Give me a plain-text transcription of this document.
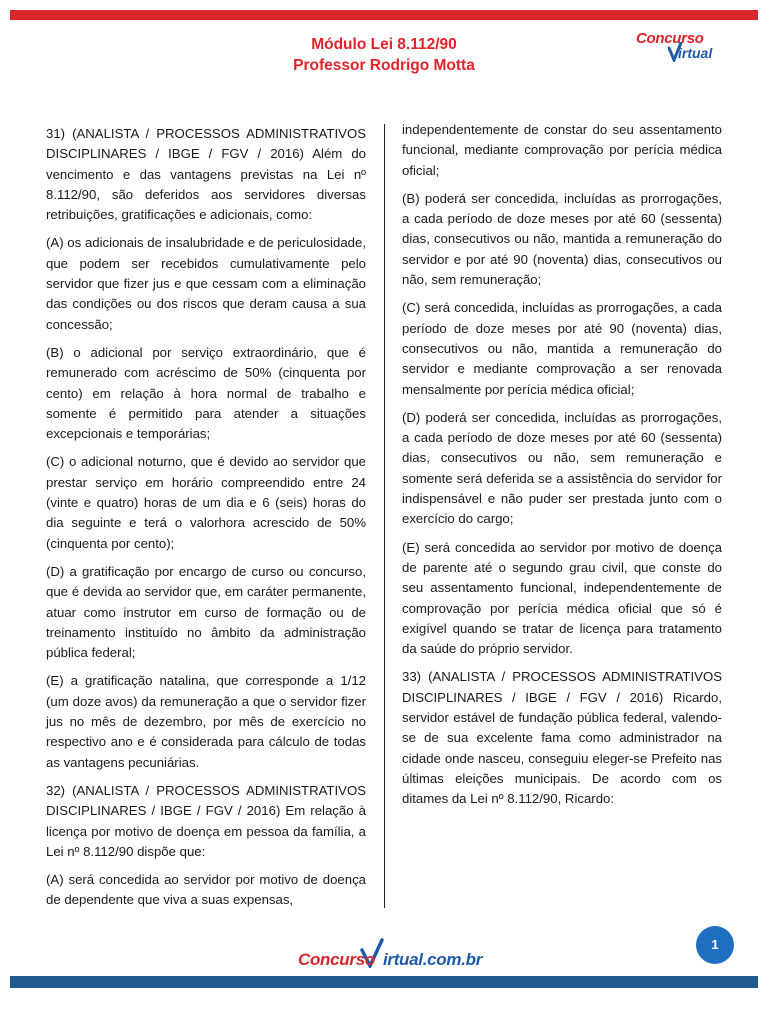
Módulo Lei 8.112/90
Professor Rodrigo Motta
Concurso
irtual

31) (ANALISTA / PROCESSOS ADMINISTRATIVOS DISCIPLINARES / IBGE / FGV / 2016) Além do vencimento e das vantagens previstas na Lei nº 8.112/90, são deferidos aos servidores diversas retribuições, gratificações e adicionais, como:

(A) os adicionais de insalubridade e de periculosidade, que podem ser recebidos cumulativamente pelo servidor que fizer jus e que cessam com a eliminação das condições ou dos riscos que deram causa a sua concessão;

(B) o adicional por serviço extraordinário, que é remunerado com acréscimo de 50% (cinquenta por cento) em relação à hora normal de trabalho e somente é permitido para atender a situações excepcionais e temporárias;

(C) o adicional noturno, que é devido ao servidor que prestar serviço em horário compreendido entre 24 (vinte e quatro) horas de um dia e 6 (seis) horas do dia seguinte e terá o valorhora acrescido de 50% (cinquenta por cento);

(D) a gratificação por encargo de curso ou concurso, que é devida ao servidor que, em caráter permanente, atuar como instrutor em curso de formação ou de treinamento instituído no âmbito da administração pública federal;

(E) a gratificação natalina, que corresponde a 1/12 (um doze avos) da remuneração a que o servidor fizer jus no mês de dezembro, por mês de exercício no respectivo ano e é considerada para cálculo de todas as vantagens pecuniárias.

32) (ANALISTA / PROCESSOS ADMINISTRATIVOS DISCIPLINARES / IBGE / FGV / 2016) Em relação à licença por motivo de doença em pessoa da família, a Lei nº 8.112/90 dispõe que:

(A) será concedida ao servidor por motivo de doença de dependente que viva a suas expensas,

independentemente de constar do seu assentamento funcional, mediante comprovação por perícia médica oficial;

(B) poderá ser concedida, incluídas as prorrogações, a cada período de doze meses por até 60 (sessenta) dias, consecutivos ou não, mantida a remuneração do servidor e por até 90 (noventa) dias, consecutivos ou não, sem remuneração;

(C) será concedida, incluídas as prorrogações, a cada período de doze meses por até 90 (noventa) dias, consecutivos ou não, mantida a remuneração do servidor e mediante comprovação a ser renovada mensalmente por perícia médica oficial;

(D) poderá ser concedida, incluídas as prorrogações, a cada período de doze meses por até 60 (sessenta) dias, consecutivos ou não, sem remuneração e somente será deferida se a assistência do servidor for indispensável e não puder ser prestada junto com o exercício do cargo;

(E) será concedida ao servidor por motivo de doença de parente até o segundo grau civil, que conste do seu assentamento funcional, independentemente de comprovação por perícia médica oficial que só é exigível quando se tratar de licença para tratamento da saúde do próprio servidor.

33) (ANALISTA / PROCESSOS ADMINISTRATIVOS DISCIPLINARES / IBGE / FGV / 2016) Ricardo, servidor estável de fundação pública federal, valendo-se de sua excelente fama como administrador na cidade onde nasceu, conseguiu eleger-se Prefeito nas últimas eleições municipais. De acordo com os ditames da Lei nº 8.112/90, Ricardo:

Concurso irtual.com.br
1
